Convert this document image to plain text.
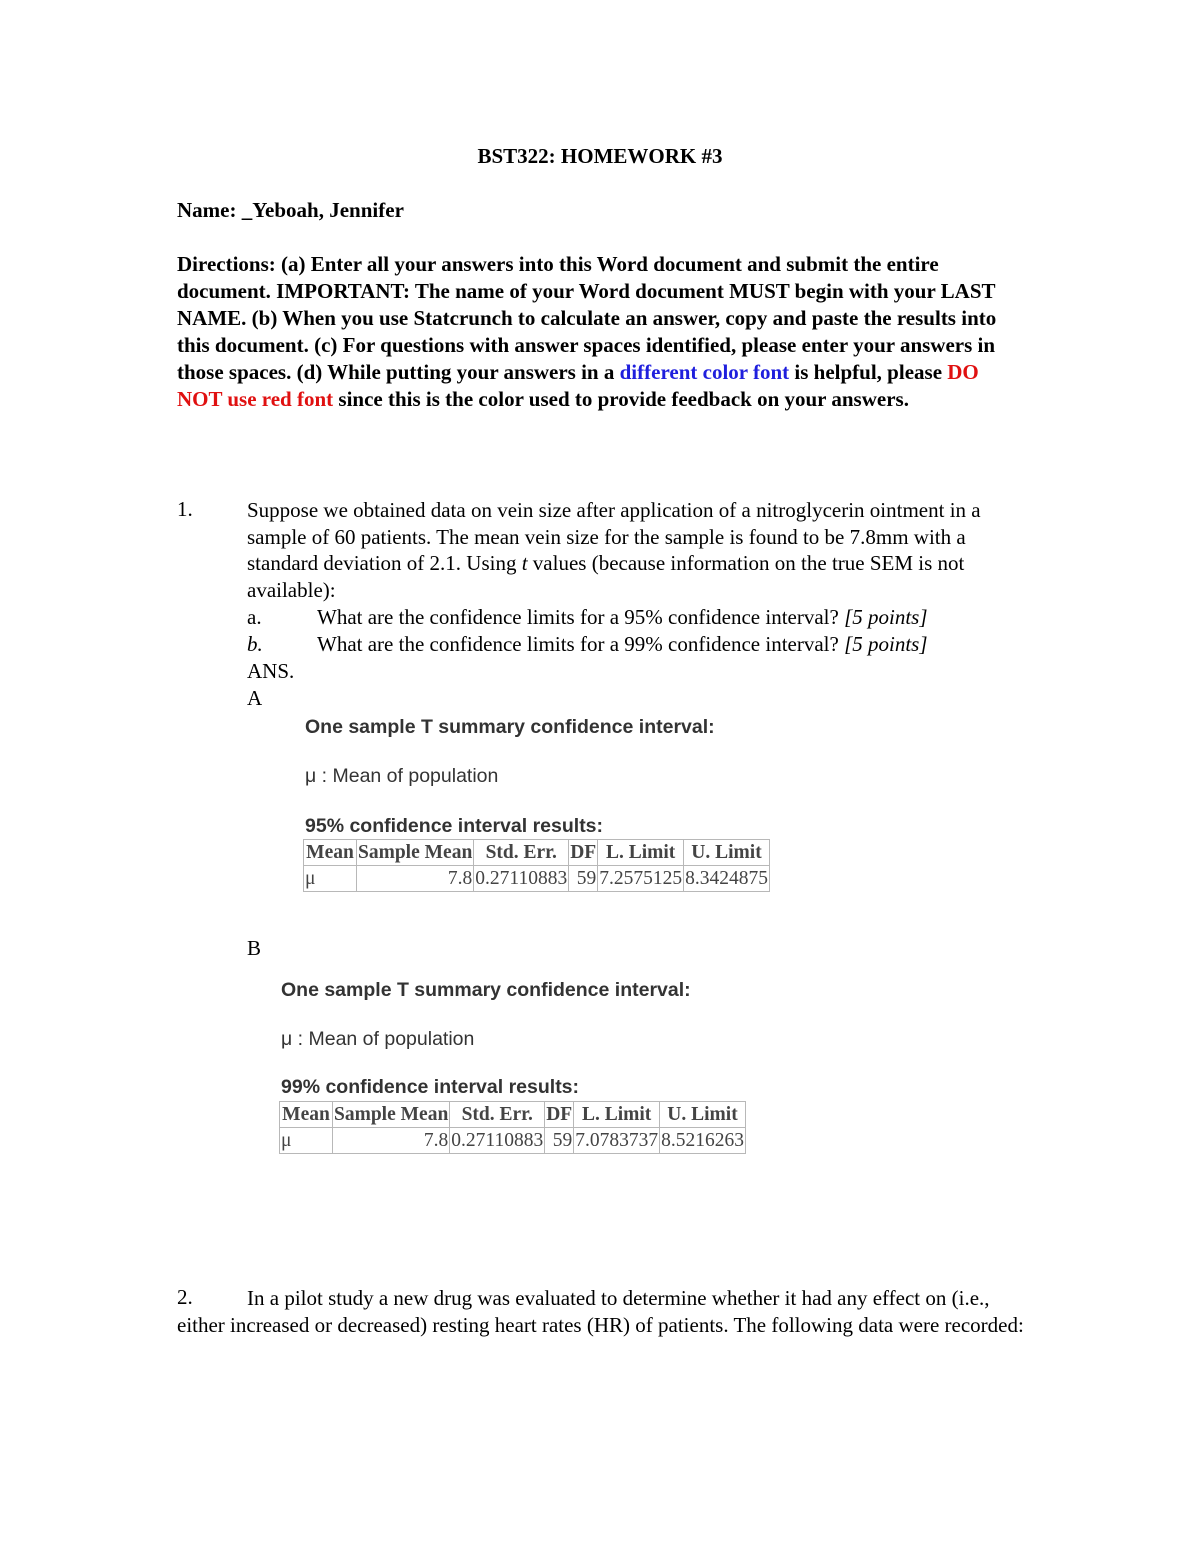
BST322: HOMEWORK #3
Name: _Yeboah, Jennifer
Directions: (a) Enter all your answers into this Word document and submit the entire document. IMPORTANT: The name of your Word document MUST begin with your LAST NAME. (b) When you use Statcrunch to calculate an answer, copy and paste the results into this document. (c) For questions with answer spaces identified, please enter your answers in those spaces. (d) While putting your answers in a different color font is helpful, please DO NOT use red font since this is the color used to provide feedback on your answers.
1.	Suppose we obtained data on vein size after application of a nitroglycerin ointment in a sample of 60 patients. The mean vein size for the sample is found to be 7.8mm with a standard deviation of 2.1. Using t values (because information on the true SEM is not available):
a.	What are the confidence limits for a 95% confidence interval? [5 points]
b.	What are the confidence limits for a 99% confidence interval? [5 points]
ANS.
A
One sample T summary confidence interval:
μ : Mean of population
95% confidence interval results:
Mean	Sample Mean	Std. Err.	DF	L. Limit	U. Limit
μ	7.8	0.27110883	59	7.2575125	8.3424875
B
One sample T summary confidence interval:
μ : Mean of population
99% confidence interval results:
Mean	Sample Mean	Std. Err.	DF	L. Limit	U. Limit
μ	7.8	0.27110883	59	7.0783737	8.5216263
2.	In a pilot study a new drug was evaluated to determine whether it had any effect on (i.e., either increased or decreased) resting heart rates (HR) of patients. The following data were recorded:
